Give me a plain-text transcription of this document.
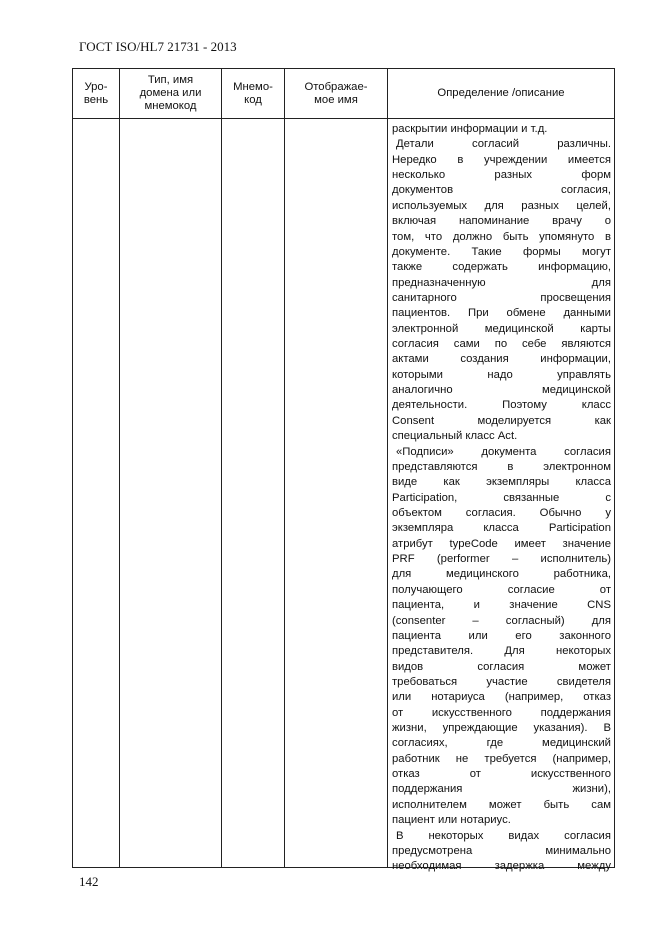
ГОСТ ISO/HL7 21731 - 2013
Уро-
вень
Тип, имя
домена или
мнемокод
Мнемо-
код
Отображае-
мое имя
Определение /описание
раскрытии информации и т.д.
Детали согласий различны.
Нередко в учреждении имеется
несколько разных форм
документов согласия,
используемых для разных целей,
включая напоминание врачу о
том, что должно быть упомянуто в
документе. Такие формы могут
также содержать информацию,
предназначенную для
санитарного просвещения
пациентов. При обмене данными
электронной медицинской карты
согласия сами по себе являются
актами создания информации,
которыми надо управлять
аналогично медицинской
деятельности. Поэтому класс
Consent моделируется как
специальный класс Act.
«Подписи» документа согласия
представляются в электронном
виде как экземпляры класса
Participation, связанные с
объектом согласия. Обычно у
экземпляра класса Participation
атрибут typeCode имеет значение
PRF (performer – исполнитель)
для медицинского работника,
получающего согласие от
пациента, и значение CNS
(consenter – согласный) для
пациента или его законного
представителя. Для некоторых
видов согласия может
требоваться участие свидетеля
или нотариуса (например, отказ
от искусственного поддержания
жизни, упреждающие указания). В
согласиях, где медицинский
работник не требуется (например,
отказ от искусственного
поддержания жизни),
исполнителем может быть сам
пациент или нотариус.
В некоторых видах согласия
предусмотрена минимально
необходимая задержка между
142
